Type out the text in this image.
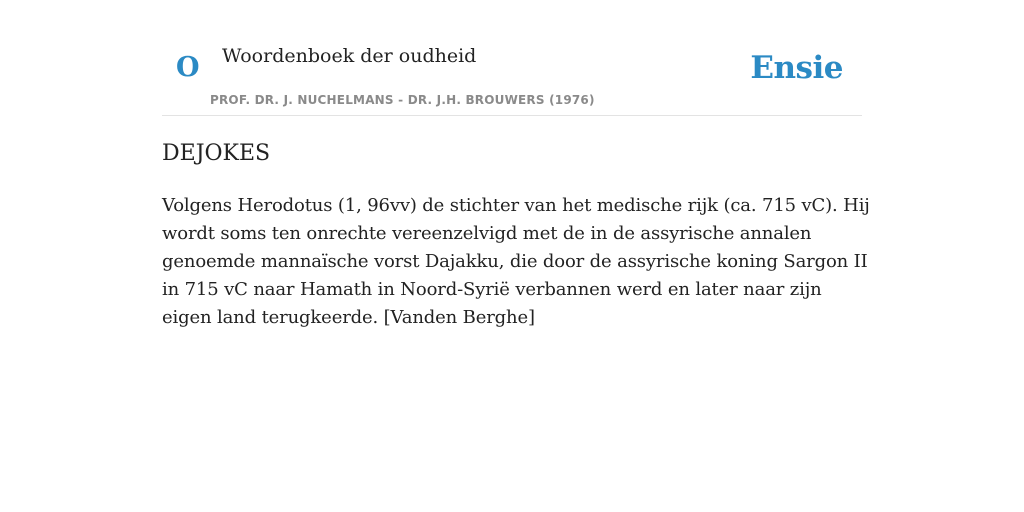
O Woordenboek der oudheid
PROF. DR. J. NUCHELMANS - DR. J.H. BROUWERS (1976)
Ensie
DEJOKES

Volgens Herodotus (1, 96vv) de stichter van het medische rijk (ca. 715 vC). Hij wordt soms ten onrechte vereenzelvigd met de in de assyrische annalen genoemde mannaïsche vorst Dajakku, die door de assyrische koning Sargon II in 715 vC naar Hamath in Noord-Syrië verbannen werd en later naar zijn eigen land terugkeerde. [Vanden Berghe]
